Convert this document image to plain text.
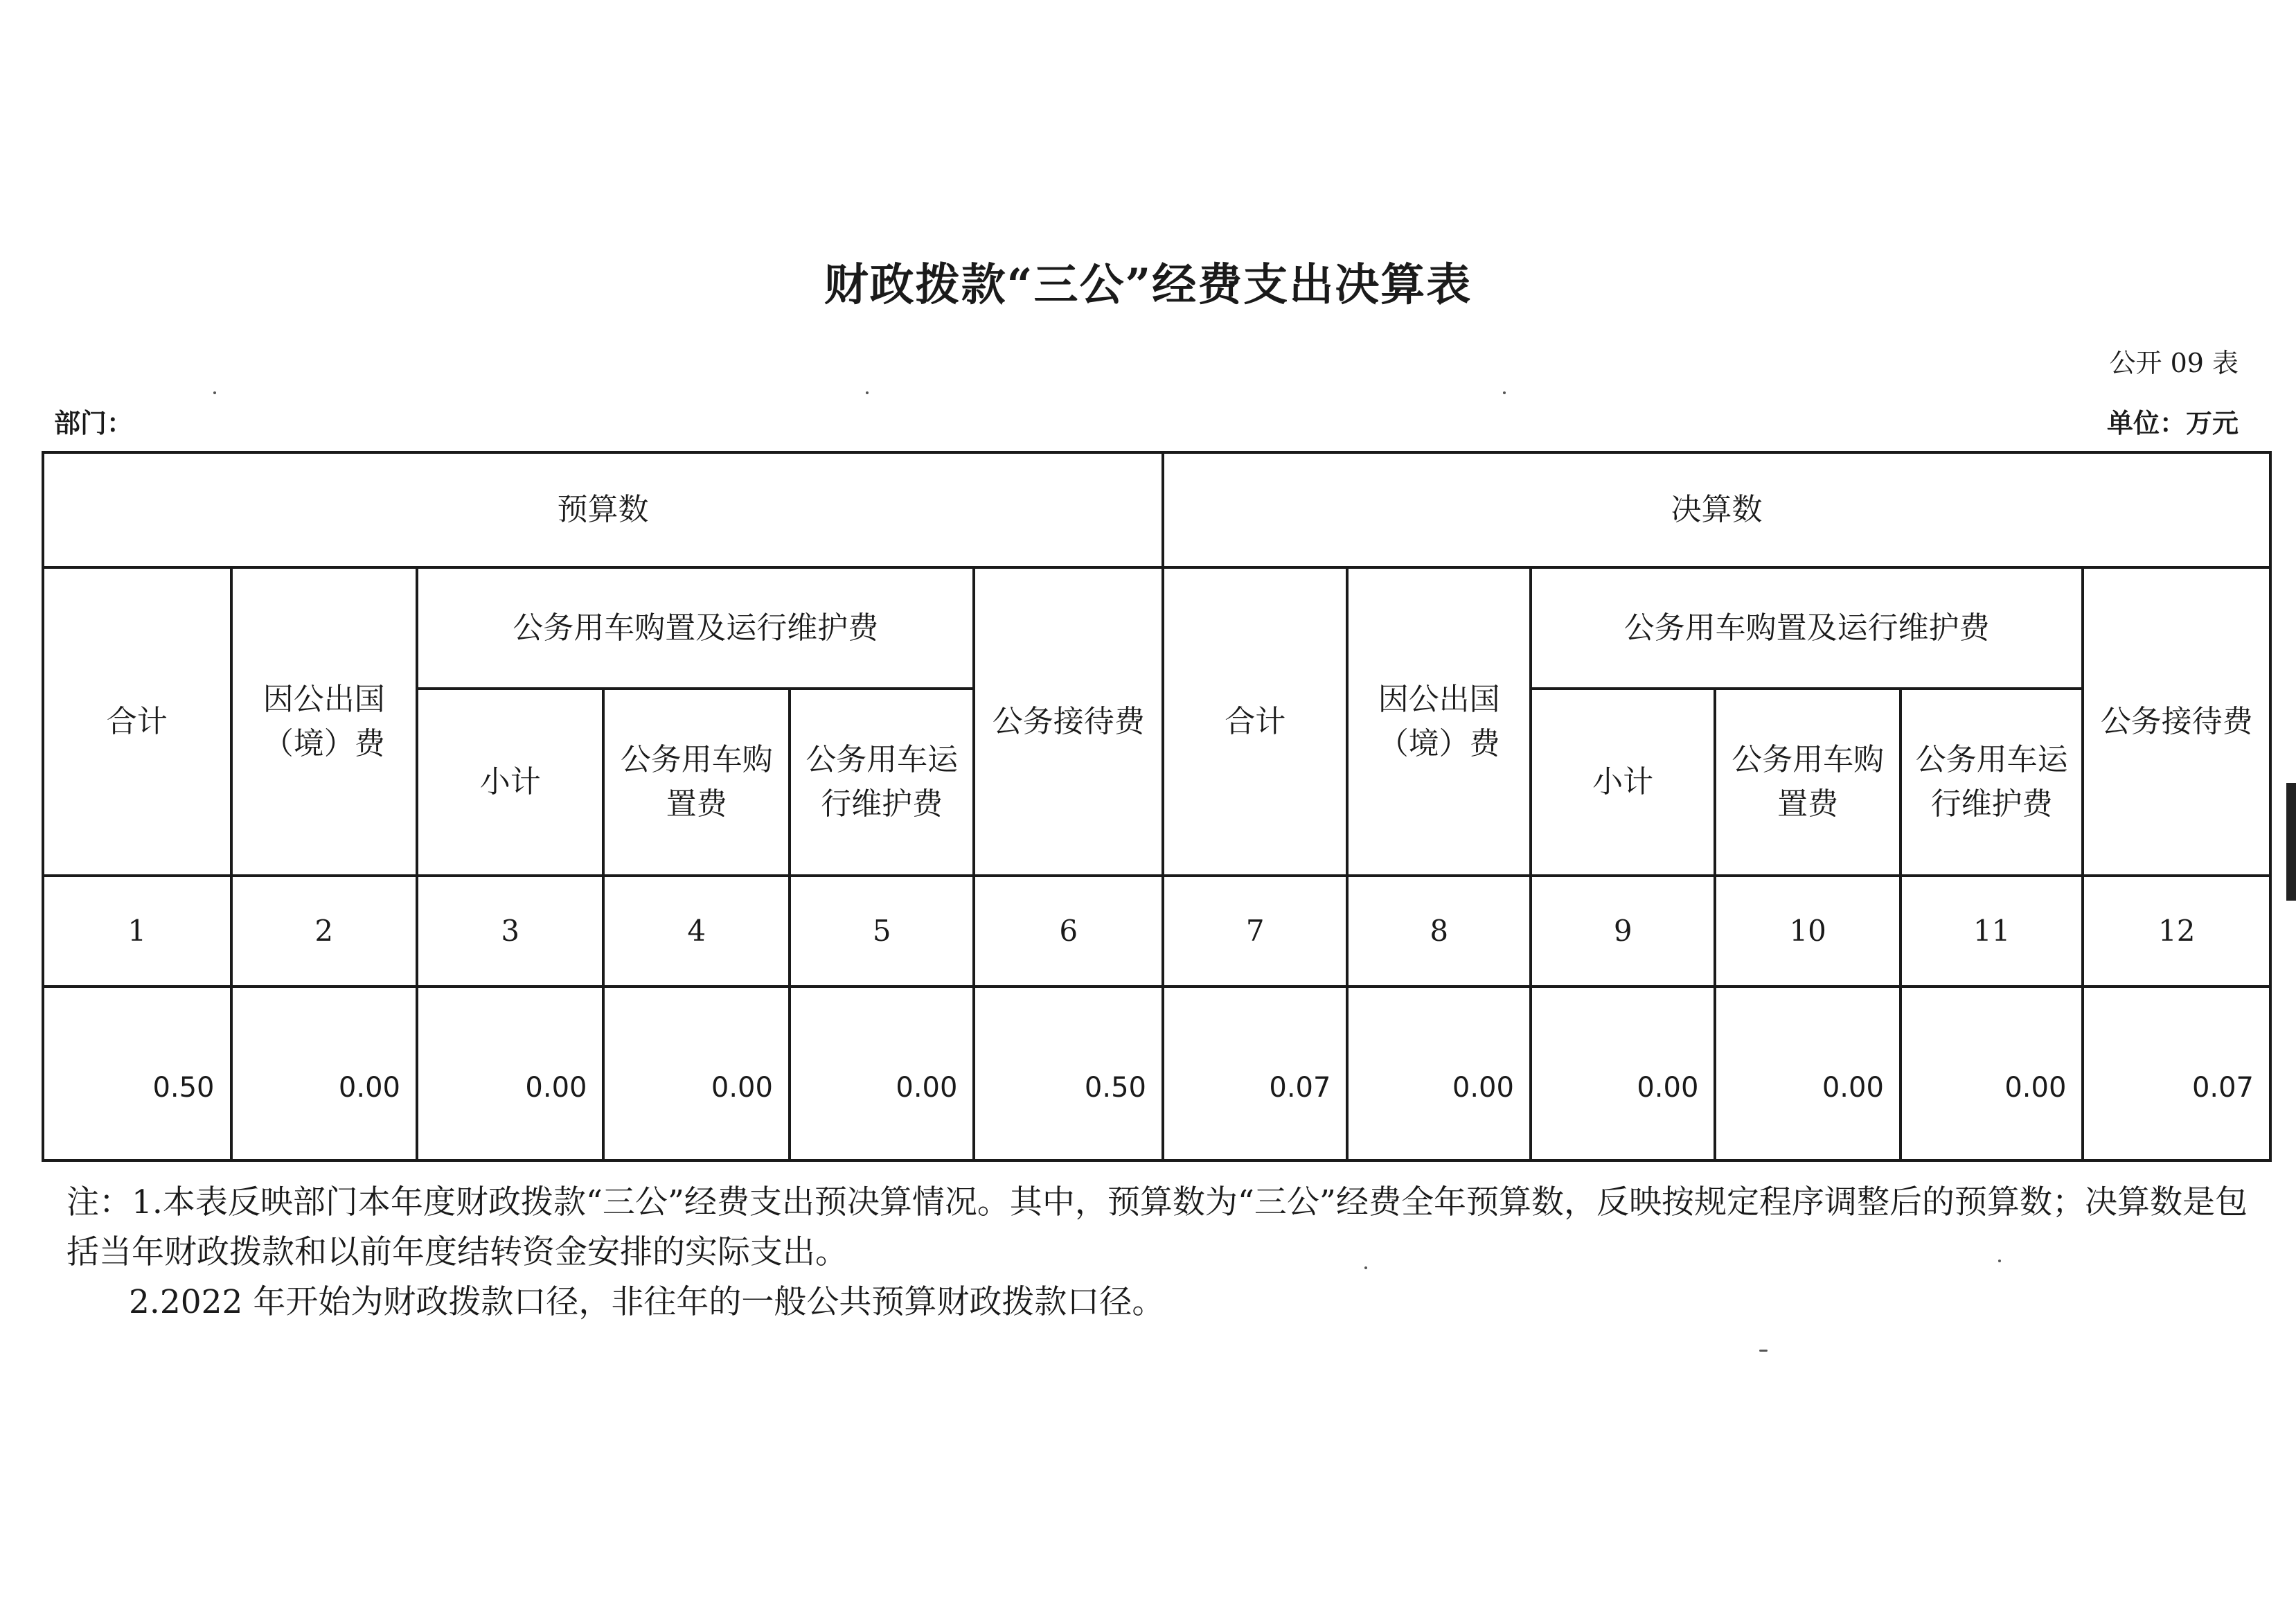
财政拨款“三公”经费支出决算表
公开 09 表
部门：	单位：万元
预算数						决算数					
合计	因公出国（境）费	公务用车购置及运行维护费			公务接待费	合计	因公出国（境）费	公务用车购置及运行维护费			公务接待费
		小计	公务用车购置费	公务用车运行维护费				小计	公务用车购置费	公务用车运行维护费	
1	2	3	4	5	6	7	8	9	10	11	12
0.50	0.00	0.00	0.00	0.00	0.50	0.07	0.00	0.00	0.00	0.00	0.07

注：1.本表反映部门本年度财政拨款“三公”经费支出预决算情况。其中，预算数为“三公”经费全年预算数，反映按规定程序调整后的预算数；决算数是包括当年财政拨款和以前年度结转资金安排的实际支出。

2.2022 年开始为财政拨款口径，非往年的一般公共预算财政拨款口径。
